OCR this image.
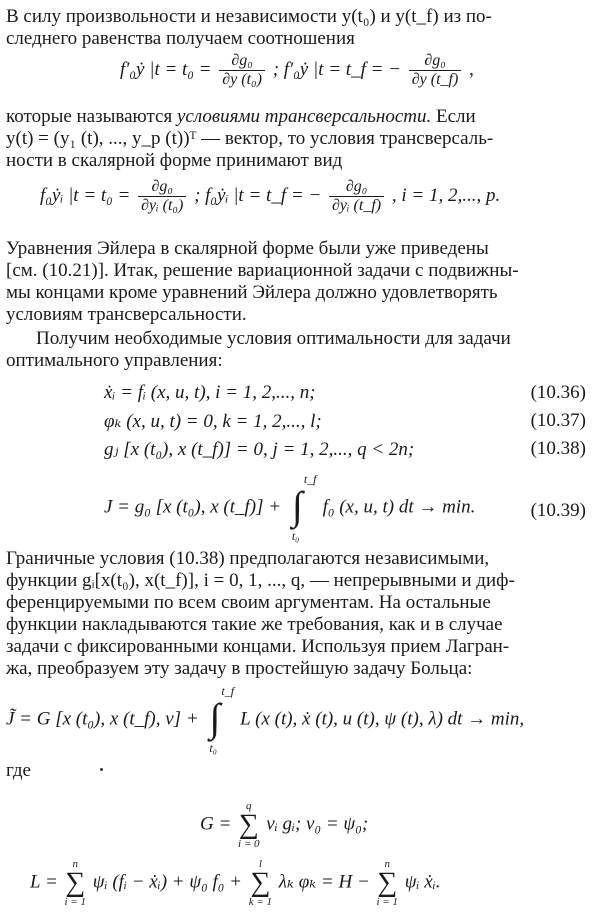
В силу произвольности и независимости y(t₀) и y(t_f) из по-
следнего равенства получаем соотношения
f′₀ẏ $|t = t_0 = \frac{\text{∂g₀}}{\text{∂y (t₀)}}$ ; f′₀ẏ |t = t_f = − $\frac{\text{∂g₀}}{\partial y (t\_f)}$ ,
которые называются условиями трансверсальности. Если
y(t) = (y₁ (t), ..., y_p (t))ᵀ — вектор, то условия трансверсаль-
ности в скалярной форме принимают вид
f₀ẏᵢ $|t = t_0 = \frac{\text{∂g₀}}{\text{∂yᵢ (t₀)}}$ ; f₀ẏᵢ |t = t_f = − $\frac{\text{∂g₀}}{\text{∂yᵢ (t\_f)}}$ , i = 1, 2,..., p.
Уравнения Эйлера в скалярной форме были уже приведены
[см. (10.21)]. Итак, решение вариационной задачи с подвижны-
мы концами кроме уравнений Эйлера должно удовлетворять
условиям трансверсальности.
Получим необходимые условия оптимальности для задачи
оптимального управления:
ẋᵢ = fᵢ (x, u, t), i = 1, 2,..., n;	(10.36)
φₖ (x, u, t) = 0, k = 1, 2,..., l;	(10.37)
gⱼ [x (t₀), x (t_f)] = 0, j = 1, 2,..., q < 2n;	(10.38)
J = g₀ [x (t₀), x (t_f)] +
t_f
∫
t₀
f₀ (x, u, t) dt → min.	(10.39)
Граничные условия (10.38) предполагаются независимыми,
функции gᵢ[x(t₀), x(t_f)], i = 0, 1, ..., q, — непрерывными и диф-
ференцируемыми по всем своим аргументам. На остальные
функции накладываются такие же требования, как и в случае
задачи с фиксированными концами. Используя прием Лагран-
жа, преобразуем эту задачу в простейшую задачу Больца:
J̃ = G [x (t₀), x (t_f), ν] +
t_f
∫
t₀
L (x (t), ẋ (t), u (t), ψ (t), λ) dt → min,
где
G =
q
∑
i = 0
νᵢ gᵢ; ν₀ = ψ₀;
L =
n
∑
i = 1
ψᵢ (fᵢ − ẋᵢ) + ψ₀ f₀ +
l
∑
k = 1
λₖ φₖ = H −
n
∑
i = 1
ψᵢ ẋᵢ.
